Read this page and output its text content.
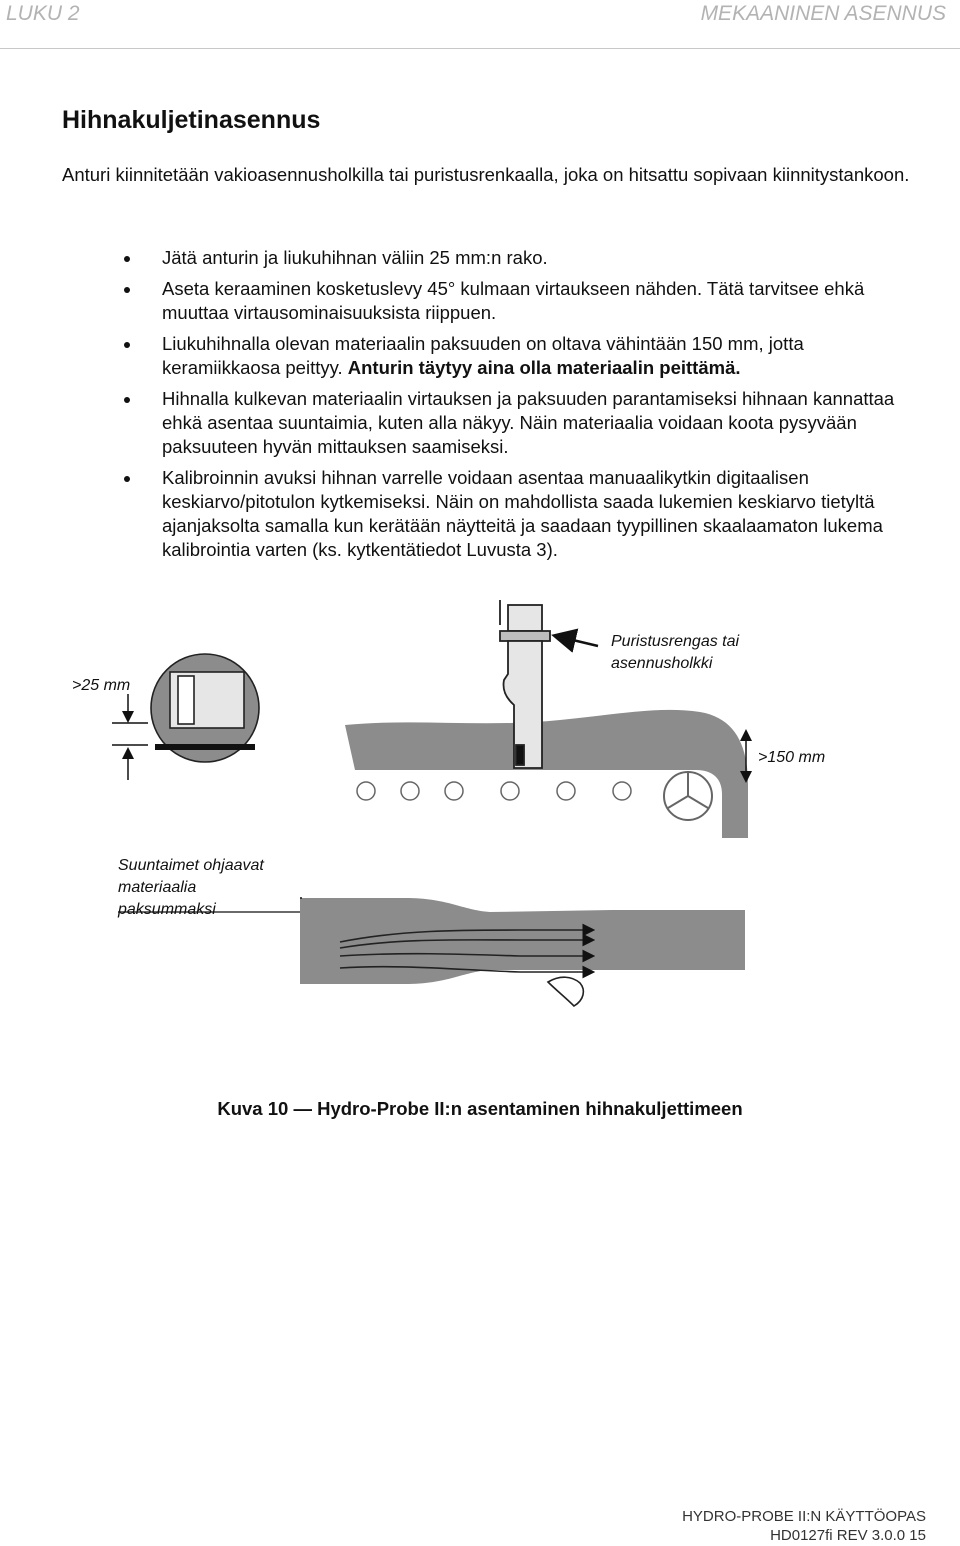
LUKU 2	MEKAANINEN ASENNUS
Hihnakuljetinasennus
Anturi kiinnitetään vakioasennusholkilla tai puristusrenkaalla, joka on hitsattu sopivaan kiinnitystankoon.
Jätä anturin ja liukuhihnan väliin 25 mm:n rako.
Aseta keraaminen kosketuslevy 45° kulmaan virtaukseen nähden. Tätä tarvitsee ehkä muuttaa virtausominaisuuksista riippuen.
Liukuhihnalla olevan materiaalin paksuuden on oltava vähintään 150 mm, jotta keramiikkaosa peittyy. Anturin täytyy aina olla materiaalin peittämä.
Hihnalla kulkevan materiaalin virtauksen ja paksuuden parantamiseksi hihnaan kannattaa ehkä asentaa suuntaimia, kuten alla näkyy. Näin materiaalia voidaan koota pysyvään paksuuteen hyvän mittauksen saamiseksi.
Kalibroinnin avuksi hihnan varrelle voidaan asentaa manuaalikytkin digitaalisen keskiarvo/pitotulon kytkemiseksi. Näin on mahdollista saada lukemien keskiarvo tietyltä ajanjaksolta samalla kun kerätään näytteitä ja saadaan tyypillinen skaalaamaton lukema kalibrointia varten (ks. kytkentätiedot Luvusta 3).
>25 mm
Puristusrengas tai
asennusholkki
>150 mm
Suuntaimet ohjaavat
materiaalia
paksummaksi
Kuva 10 — Hydro-Probe II:n asentaminen hihnakuljettimeen
HYDRO-PROBE II:N KÄYTTÖOPAS
HD0127fi REV 3.0.0 15
